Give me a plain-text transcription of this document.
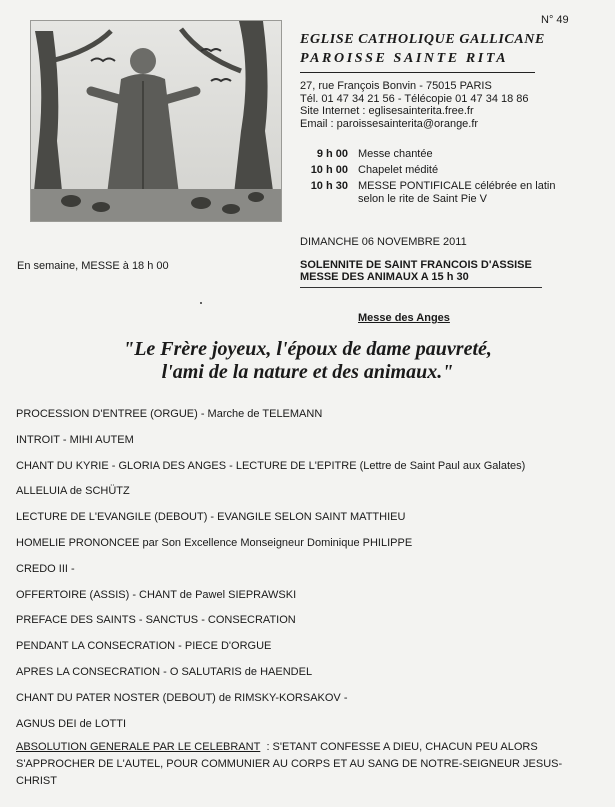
N° 49
En semaine, MESSE à 18 h 00
EGLISE CATHOLIQUE GALLICANE
PAROISSE SAINTE RITA
27, rue François Bonvin - 75015 PARIS
Tél. 01 47 34 21 56 - Télécopie 01 47 34 18 86
Site Internet : eglisesainterita.free.fr
Email : paroissesainterita@orange.fr
9 h 00 Messe chantée
10 h 00 Chapelet médité
10 h 30 MESSE PONTIFICALE célébrée en latin selon le rite de Saint Pie V
DIMANCHE 06 NOVEMBRE 2011
SOLENNITE DE SAINT FRANCOIS D'ASSISE
MESSE DES ANIMAUX A 15 h 30
Messe des Anges
"Le Frère joyeux, l'époux de dame pauvreté,
l'ami de la nature et des animaux."
PROCESSION D'ENTREE (ORGUE) - Marche de TELEMANN
INTROIT - MIHI AUTEM
CHANT DU KYRIE - GLORIA DES ANGES - LECTURE DE L'EPITRE (Lettre de Saint Paul aux Galates)
ALLELUIA de SCHÜTZ
LECTURE DE L'EVANGILE (DEBOUT) - EVANGILE SELON SAINT MATTHIEU
HOMELIE PRONONCEE par Son Excellence Monseigneur Dominique PHILIPPE
CREDO III -
OFFERTOIRE (ASSIS) - CHANT de Pawel SIEPRAWSKI
PREFACE DES SAINTS - SANCTUS - CONSECRATION
PENDANT LA CONSECRATION - PIECE D'ORGUE
APRES LA CONSECRATION - O SALUTARIS de HAENDEL
CHANT DU PATER NOSTER (DEBOUT) de RIMSKY-KORSAKOV -
AGNUS DEI de LOTTI
ABSOLUTION GENERALE PAR LE CELEBRANT : S'ETANT CONFESSE A DIEU, CHACUN PEU ALORS
S'APPROCHER DE L'AUTEL, POUR COMMUNIER AU CORPS ET AU SANG DE NOTRE-SEIGNEUR JESUS-
CHRIST
